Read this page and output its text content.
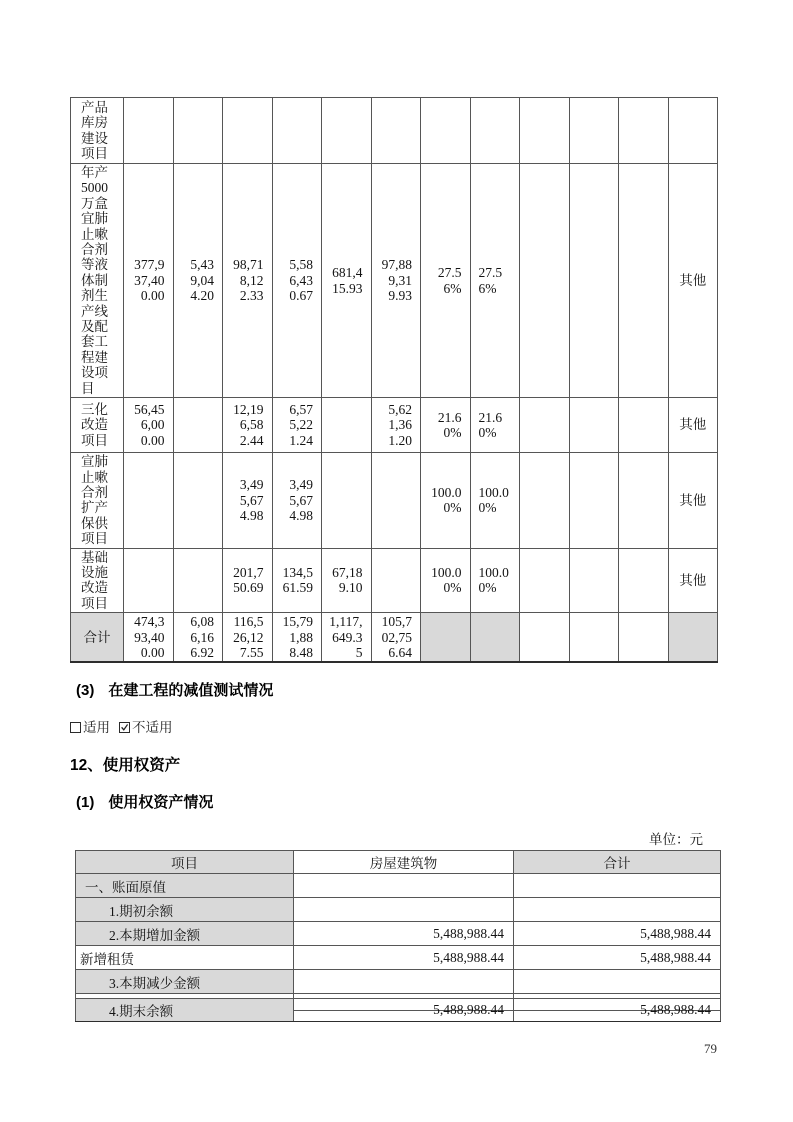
产品库房建设项目												
年产5000万盒宜肺止嗽合剂等液体制剂生产线及配套工程建设项目	377,937,400.00	5,439,044.20	98,718,122.33	5,586,430.67	681,415.93	97,889,319.93	27.56%	27.56%				其他
三化改造项目	56,456,000.00		12,196,582.44	6,575,221.24		5,621,361.20	21.60%	21.60%				其他
宣肺止嗽合剂扩产保供项目			3,495,674.98	3,495,674.98			100.00%	100.00%				其他
基础设施改造项目			201,750.69	134,561.59	67,189.10		100.00%	100.00%				其他
合计	474,393,400.00	6,086,166.92	116,526,127.55	15,791,888.48	1,117,649.35	105,702,756.64						
(3) 在建工程的减值测试情况
适用 不适用
12、使用权资产
(1) 使用权资产情况
单位：元
项目	房屋建筑物	合计
一、账面原值		
1.期初余额		
2.本期增加金额	5,488,988.44	5,488,988.44
新增租赁	5,488,988.44	5,488,988.44
3.本期减少金额		

4.期末余额	5,488,988.44	5,488,988.44
79
